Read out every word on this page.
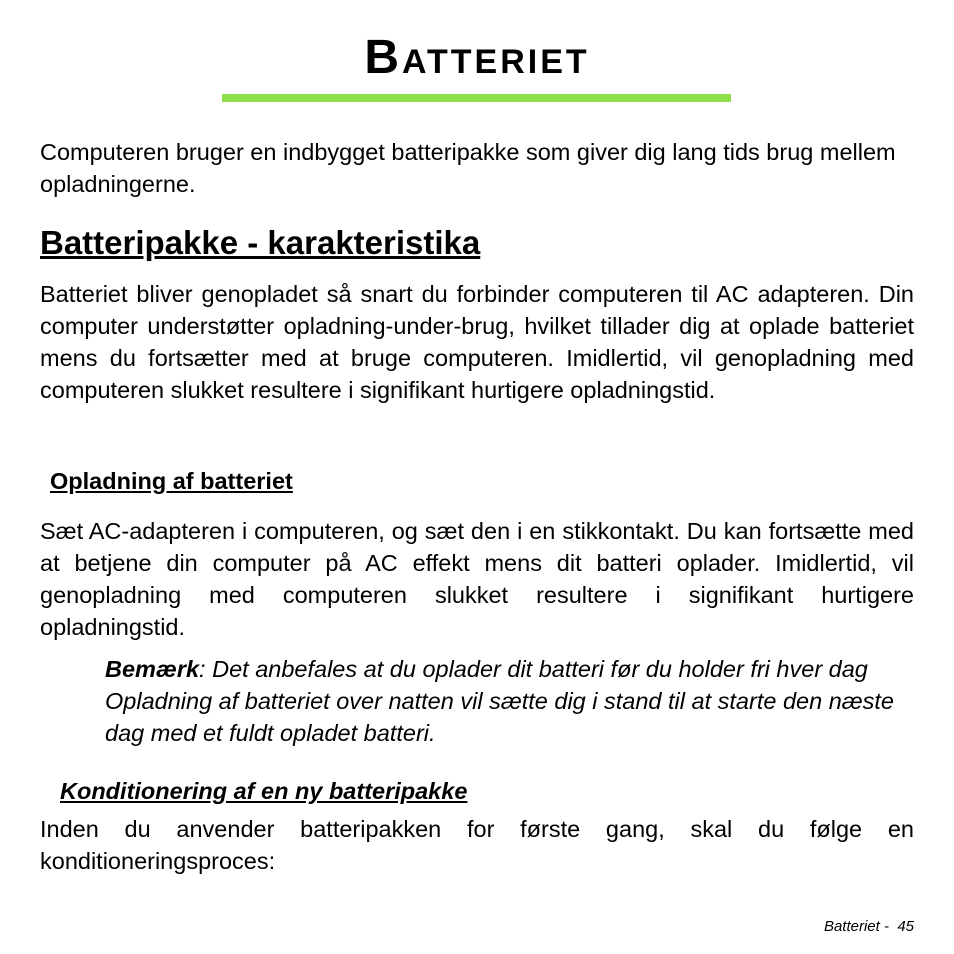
Batteriet

Computeren bruger en indbygget batteripakke som giver dig lang tids brug mellem opladningerne.

Batteripakke - karakteristika

Batteriet bliver genopladet så snart du forbinder computeren til AC adapteren. Din computer understøtter opladning-under-brug, hvilket tillader dig at oplade batteriet mens du fortsætter med at bruge computeren. Imidlertid, vil genopladning med computeren slukket resultere i signifikant hurtigere opladningstid.

Opladning af batteriet

Sæt AC-adapteren i computeren, og sæt den i en stikkontakt. Du kan fortsætte med at betjene din computer på AC effekt mens dit batteri oplader. Imidlertid, vil genopladning med computeren slukket resultere i signifikant hurtigere opladningstid.

Bemærk: Det anbefales at du oplader dit batteri før du holder fri hver dag Opladning af batteriet over natten vil sætte dig i stand til at starte den næste dag med et fuldt opladet batteri.

Konditionering af en ny batteripakke

Inden du anvender batteripakken for første gang, skal du følge en konditioneringsproces:

Batteriet - 45
